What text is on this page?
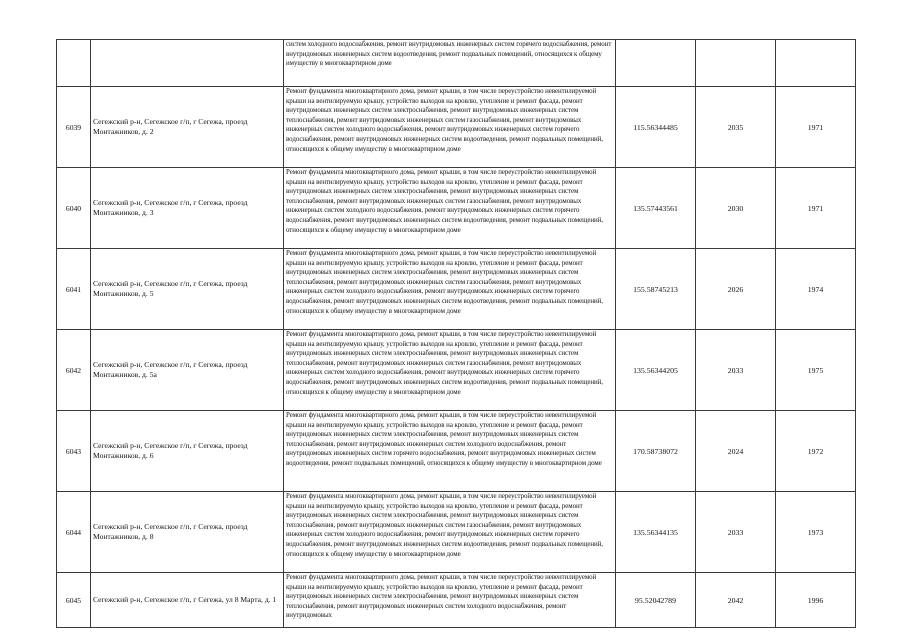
		систем холодного водоснабжения, ремонт внутридомовых инженерных систем горячего водоснабжения, ремонт внутридомовых инженерных систем водоотведения, ремонт подвальных помещений, относящихся к общему имуществу в многоквартирном доме			

6039	Сегежский р-н, Сегежское г/п, г Сегежа, проезд Монтажников, д. 2	Ремонт фундамента многоквартирного дома, ремонт крыши, в том числе переустройство невентилируемой крыши на вентилируемую крышу, устройство выходов на кровлю, утепление и ремонт фасада, ремонт внутридомовых инженерных систем электроснабжения, ремонт внутридомовых инженерных систем теплоснабжения, ремонт внутридомовых инженерных систем газоснабжения, ремонт внутридомовых инженерных систем холодного водоснабжения, ремонт внутридомовых инженерных систем горячего водоснабжения, ремонт внутридомовых инженерных систем водоотведения, ремонт подвальных помещений, относящихся к общему имуществу в многоквартирном доме	115.56344485	2035	1971
6040	Сегежский р-н, Сегежское г/п, г Сегежа, проезд Монтажников, д. 3	Ремонт фундамента многоквартирного дома, ремонт крыши, в том числе переустройство невентилируемой крыши на вентилируемую крышу, устройство выходов на кровлю, утепление и ремонт фасада, ремонт внутридомовых инженерных систем электроснабжения, ремонт внутридомовых инженерных систем теплоснабжения, ремонт внутридомовых инженерных систем газоснабжения, ремонт внутридомовых инженерных систем холодного водоснабжения, ремонт внутридомовых инженерных систем горячего водоснабжения, ремонт внутридомовых инженерных систем водоотведения, ремонт подвальных помещений, относящихся к общему имуществу в многоквартирном доме	135.57443561	2030	1971
6041	Сегежский р-н, Сегежское г/п, г Сегежа, проезд Монтажников, д. 5	Ремонт фундамента многоквартирного дома, ремонт крыши, в том числе переустройство невентилируемой крыши на вентилируемую крышу, устройство выходов на кровлю, утепление и ремонт фасада, ремонт внутридомовых инженерных систем электроснабжения, ремонт внутридомовых инженерных систем теплоснабжения, ремонт внутридомовых инженерных систем газоснабжения, ремонт внутридомовых инженерных систем холодного водоснабжения, ремонт внутридомовых инженерных систем горячего водоснабжения, ремонт внутридомовых инженерных систем водоотведения, ремонт подвальных помещений, относящихся к общему имуществу в многоквартирном доме	155.58745213	2026	1974
6042	Сегежский р-н, Сегежское г/п, г Сегежа, проезд Монтажников, д. 5а	Ремонт фундамента многоквартирного дома, ремонт крыши, в том числе переустройство невентилируемой крыши на вентилируемую крышу, устройство выходов на кровлю, утепление и ремонт фасада, ремонт внутридомовых инженерных систем электроснабжения, ремонт внутридомовых инженерных систем теплоснабжения, ремонт внутридомовых инженерных систем газоснабжения, ремонт внутридомовых инженерных систем холодного водоснабжения, ремонт внутридомовых инженерных систем горячего водоснабжения, ремонт внутридомовых инженерных систем водоотведения, ремонт подвальных помещений, относящихся к общему имуществу в многоквартирном доме	135.56344205	2033	1975
6043	Сегежский р-н, Сегежское г/п, г Сегежа, проезд Монтажников, д. 6	Ремонт фундамента многоквартирного дома, ремонт крыши, в том числе переустройство невентилируемой крыши на вентилируемую крышу, устройство выходов на кровлю, утепление и ремонт фасада, ремонт внутридомовых инженерных систем электроснабжения, ремонт внутридомовых инженерных систем теплоснабжения, ремонт внутридомовых инженерных систем холодного водоснабжения, ремонт внутридомовых инженерных систем горячего водоснабжения, ремонт внутридомовых инженерных систем водоотведения, ремонт подвальных помещений, относящихся к общему имуществу в многоквартирном доме	170.58738072	2024	1972
6044	Сегежский р-н, Сегежское г/п, г Сегежа, проезд Монтажников, д. 8	Ремонт фундамента многоквартирного дома, ремонт крыши, в том числе переустройство невентилируемой крыши на вентилируемую крышу, устройство выходов на кровлю, утепление и ремонт фасада, ремонт внутридомовых инженерных систем электроснабжения, ремонт внутридомовых инженерных систем теплоснабжения, ремонт внутридомовых инженерных систем газоснабжения, ремонт внутридомовых инженерных систем холодного водоснабжения, ремонт внутридомовых инженерных систем горячего водоснабжения, ремонт внутридомовых инженерных систем водоотведения, ремонт подвальных помещений, относящихся к общему имуществу в многоквартирном доме	135.56344135	2033	1973
6045	Сегежский р-н, Сегежское г/п, г Сегежа, ул 8 Марта, д. 1	Ремонт фундамента многоквартирного дома, ремонт крыши, в том числе переустройство невентилируемой крыши на вентилируемую крышу, устройство выходов на кровлю, утепление и ремонт фасада, ремонт внутридомовых инженерных систем электроснабжения, ремонт внутридомовых инженерных систем теплоснабжения, ремонт внутридомовых инженерных систем холодного водоснабжения, ремонт внутридомовых	95.52042789	2042	1996
